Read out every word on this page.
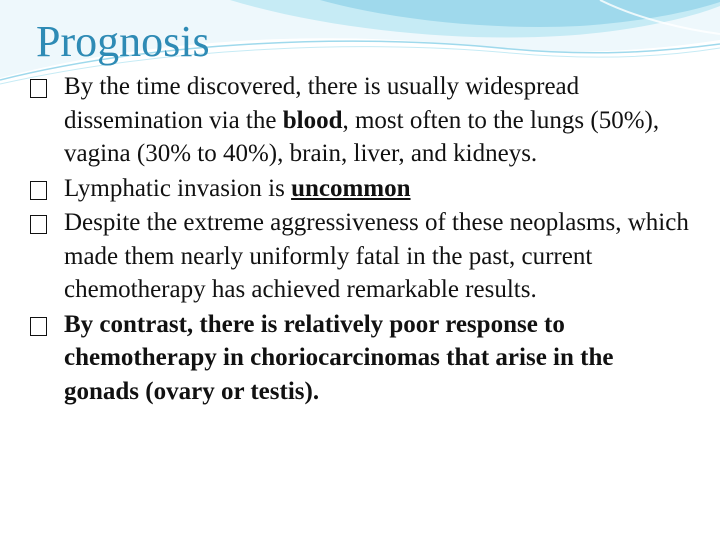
Prognosis
By the time discovered, there is usually widespread dissemination via the blood, most often to the lungs (50%), vagina (30% to 40%), brain, liver, and kidneys.
Lymphatic invasion is uncommon
Despite the extreme aggressiveness of these neoplasms, which made them nearly uniformly fatal in the past, current chemotherapy has achieved remarkable results.
By contrast, there is relatively poor response to chemotherapy in choriocarcinomas that arise in the gonads (ovary or testis).
